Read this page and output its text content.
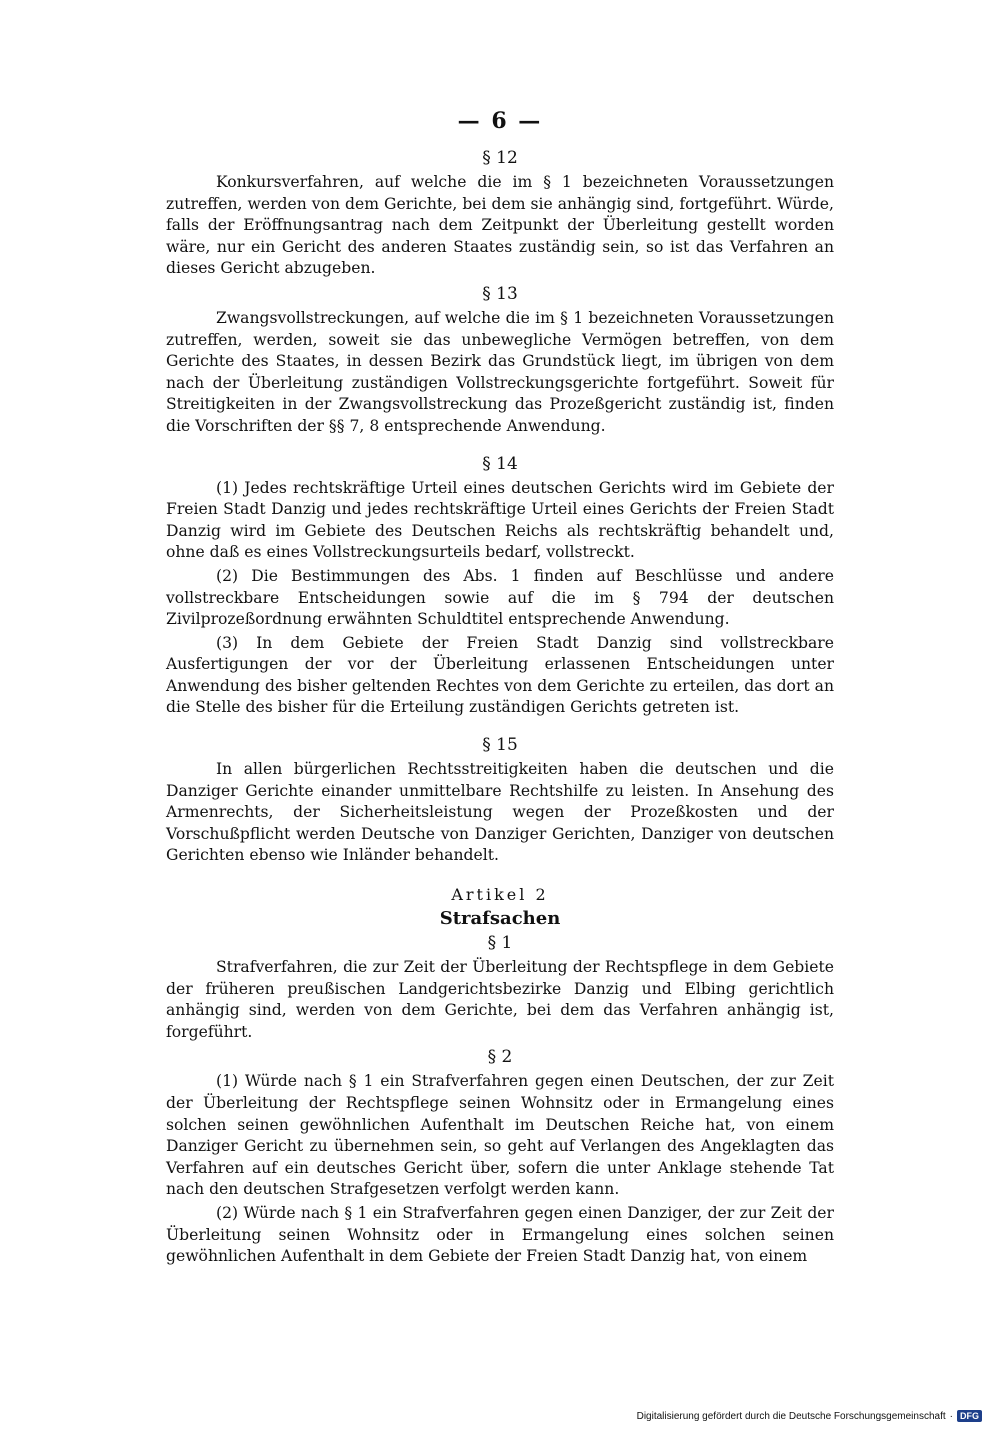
— 6 —
§ 12

Konkursverfahren, auf welche die im § 1 bezeichneten Voraussetzungen zutreffen, werden von dem Gerichte, bei dem sie anhängig sind, fortgeführt. Würde, falls der Eröffnungsantrag nach dem Zeitpunkt der Überleitung gestellt worden wäre, nur ein Gericht des anderen Staates zuständig sein, so ist das Verfahren an dieses Gericht abzugeben.

§ 13

Zwangsvollstreckungen, auf welche die im § 1 bezeichneten Voraussetzungen zutreffen, werden, soweit sie das unbewegliche Vermögen betreffen, von dem Gerichte des Staates, in dessen Bezirk das Grundstück liegt, im übrigen von dem nach der Überleitung zuständigen Vollstreckungsgerichte fortgeführt. Soweit für Streitigkeiten in der Zwangsvollstreckung das Prozeßgericht zuständig ist, finden die Vorschriften der §§ 7, 8 entsprechende Anwendung.

§ 14

(1) Jedes rechtskräftige Urteil eines deutschen Gerichts wird im Gebiete der Freien Stadt Danzig und jedes rechtskräftige Urteil eines Gerichts der Freien Stadt Danzig wird im Gebiete des Deutschen Reichs als rechtskräftig behandelt und, ohne daß es eines Vollstreckungsurteils bedarf, vollstreckt.

(2) Die Bestimmungen des Abs. 1 finden auf Beschlüsse und andere vollstreckbare Entscheidungen sowie auf die im § 794 der deutschen Zivilprozeßordnung erwähnten Schuldtitel entsprechende Anwendung.

(3) In dem Gebiete der Freien Stadt Danzig sind vollstreckbare Ausfertigungen der vor der Überleitung erlassenen Entscheidungen unter Anwendung des bisher geltenden Rechtes von dem Gerichte zu erteilen, das dort an die Stelle des bisher für die Erteilung zuständigen Gerichts getreten ist.

§ 15

In allen bürgerlichen Rechtsstreitigkeiten haben die deutschen und die Danziger Gerichte einander unmittelbare Rechtshilfe zu leisten. In Ansehung des Armenrechts, der Sicherheitsleistung wegen der Prozeßkosten und der Vorschußpflicht werden Deutsche von Danziger Gerichten, Danziger von deutschen Gerichten ebenso wie Inländer behandelt.

Artikel 2
Strafsachen
§ 1

Strafverfahren, die zur Zeit der Überleitung der Rechtspflege in dem Gebiete der früheren preußischen Landgerichtsbezirke Danzig und Elbing gerichtlich anhängig sind, werden von dem Gerichte, bei dem das Verfahren anhängig ist, forgeführt.

§ 2

(1) Würde nach § 1 ein Strafverfahren gegen einen Deutschen, der zur Zeit der Überleitung der Rechtspflege seinen Wohnsitz oder in Ermangelung eines solchen seinen gewöhnlichen Aufenthalt im Deutschen Reiche hat, von einem Danziger Gericht zu übernehmen sein, so geht auf Verlangen des Angeklagten das Verfahren auf ein deutsches Gericht über, sofern die unter Anklage stehende Tat nach den deutschen Strafgesetzen verfolgt werden kann.

(2) Würde nach § 1 ein Strafverfahren gegen einen Danziger, der zur Zeit der Überleitung seinen Wohnsitz oder in Ermangelung eines solchen seinen gewöhnlichen Aufenthalt in dem Gebiete der Freien Stadt Danzig hat, von einem

Digitalisierung gefördert durch die Deutsche Forschungsgemeinschaft · DFG
